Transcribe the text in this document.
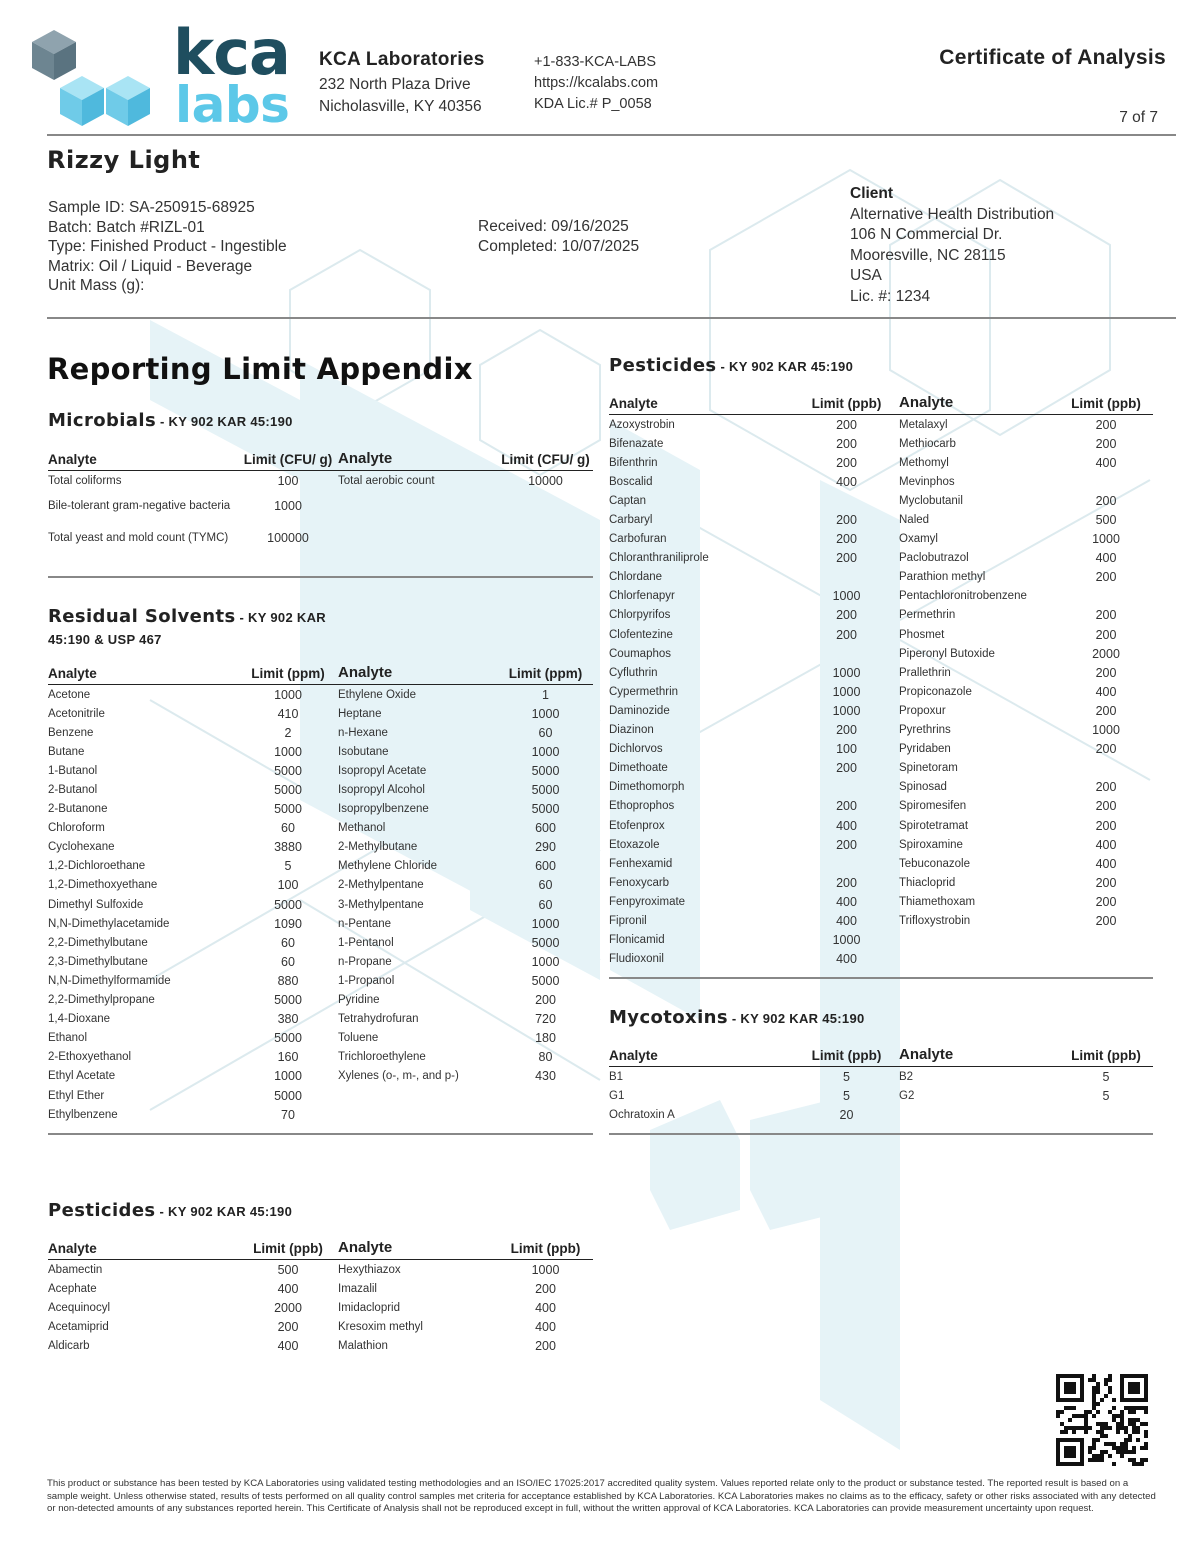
kca
labs
KCA Laboratories
232 North Plaza Drive
Nicholasville, KY 40356
+1-833-KCA-LABS
https://kcalabs.com
KDA Lic.# P_0058
Certificate of Analysis
7 of 7
Rizzy Light
Sample ID: SA-250915-68925
Batch: Batch #RIZL-01
Type: Finished Product - Ingestible
Matrix: Oil / Liquid - Beverage
Unit Mass (g):
Received: 09/16/2025
Completed: 10/07/2025
Client
Alternative Health Distribution
106 N Commercial Dr.
Mooresville, NC 28115
USA
Lic. #: 1234
Reporting Limit Appendix
Microbials - KY 902 KAR 45:190
Analyte	Limit (CFU/ g)	Analyte	Limit (CFU/ g)
Total coliforms	100	Total aerobic count	10000
Bile-tolerant gram-negative bacteria	1000		
Total yeast and mold count (TYMC)	100000		
Residual Solvents - KY 902 KAR
45:190 & USP 467
Analyte	Limit (ppm)	Analyte	Limit (ppm)
Acetone	1000	Ethylene Oxide	1
Acetonitrile	410	Heptane	1000
Benzene	2	n-Hexane	60
Butane	1000	Isobutane	1000
1-Butanol	5000	Isopropyl Acetate	5000
2-Butanol	5000	Isopropyl Alcohol	5000
2-Butanone	5000	Isopropylbenzene	5000
Chloroform	60	Methanol	600
Cyclohexane	3880	2-Methylbutane	290
1,2-Dichloroethane	5	Methylene Chloride	600
1,2-Dimethoxyethane	100	2-Methylpentane	60
Dimethyl Sulfoxide	5000	3-Methylpentane	60
N,N-Dimethylacetamide	1090	n-Pentane	1000
2,2-Dimethylbutane	60	1-Pentanol	5000
2,3-Dimethylbutane	60	n-Propane	1000
N,N-Dimethylformamide	880	1-Propanol	5000
2,2-Dimethylpropane	5000	Pyridine	200
1,4-Dioxane	380	Tetrahydrofuran	720
Ethanol	5000	Toluene	180
2-Ethoxyethanol	160	Trichloroethylene	80
Ethyl Acetate	1000	Xylenes (o-, m-, and p-)	430
Ethyl Ether	5000		
Ethylbenzene	70		
Pesticides - KY 902 KAR 45:190
Analyte	Limit (ppb)	Analyte	Limit (ppb)
Abamectin	500	Hexythiazox	1000
Acephate	400	Imazalil	200
Acequinocyl	2000	Imidacloprid	400
Acetamiprid	200	Kresoxim methyl	400
Aldicarb	400	Malathion	200
Pesticides - KY 902 KAR 45:190
Analyte	Limit (ppb)	Analyte	Limit (ppb)
Azoxystrobin	200	Metalaxyl	200
Bifenazate	200	Methiocarb	200
Bifenthrin	200	Methomyl	400
Boscalid	400	Mevinphos	
Captan		Myclobutanil	200
Carbaryl	200	Naled	500
Carbofuran	200	Oxamyl	1000
Chloranthraniliprole	200	Paclobutrazol	400
Chlordane		Parathion methyl	200
Chlorfenapyr	1000	Pentachloronitrobenzene	
Chlorpyrifos	200	Permethrin	200
Clofentezine	200	Phosmet	200
Coumaphos		Piperonyl Butoxide	2000
Cyfluthrin	1000	Prallethrin	200
Cypermethrin	1000	Propiconazole	400
Daminozide	1000	Propoxur	200
Diazinon	200	Pyrethrins	1000
Dichlorvos	100	Pyridaben	200
Dimethoate	200	Spinetoram	
Dimethomorph		Spinosad	200
Ethoprophos	200	Spiromesifen	200
Etofenprox	400	Spirotetramat	200
Etoxazole	200	Spiroxamine	400
Fenhexamid		Tebuconazole	400
Fenoxycarb	200	Thiacloprid	200
Fenpyroximate	400	Thiamethoxam	200
Fipronil	400	Trifloxystrobin	200
Flonicamid	1000		
Fludioxonil	400		
Mycotoxins - KY 902 KAR 45:190
Analyte	Limit (ppb)	Analyte	Limit (ppb)
B1	5	B2	5
G1	5	G2	5
Ochratoxin A	20		
This product or substance has been tested by KCA Laboratories using validated testing methodologies and an ISO/IEC 17025:2017 accredited quality system. Values reported relate only to the product or substance tested. The reported result is based on a sample weight. Unless otherwise stated, results of tests performed on all quality control samples met criteria for acceptance established by KCA Laboratories. KCA Laboratories makes no claims as to the efficacy, safety or other risks associated with any detected or non-detected amounts of any substances reported herein. This Certificate of Analysis shall not be reproduced except in full, without the written approval of KCA Laboratories. KCA Laboratories can provide measurement uncertainty upon request.
